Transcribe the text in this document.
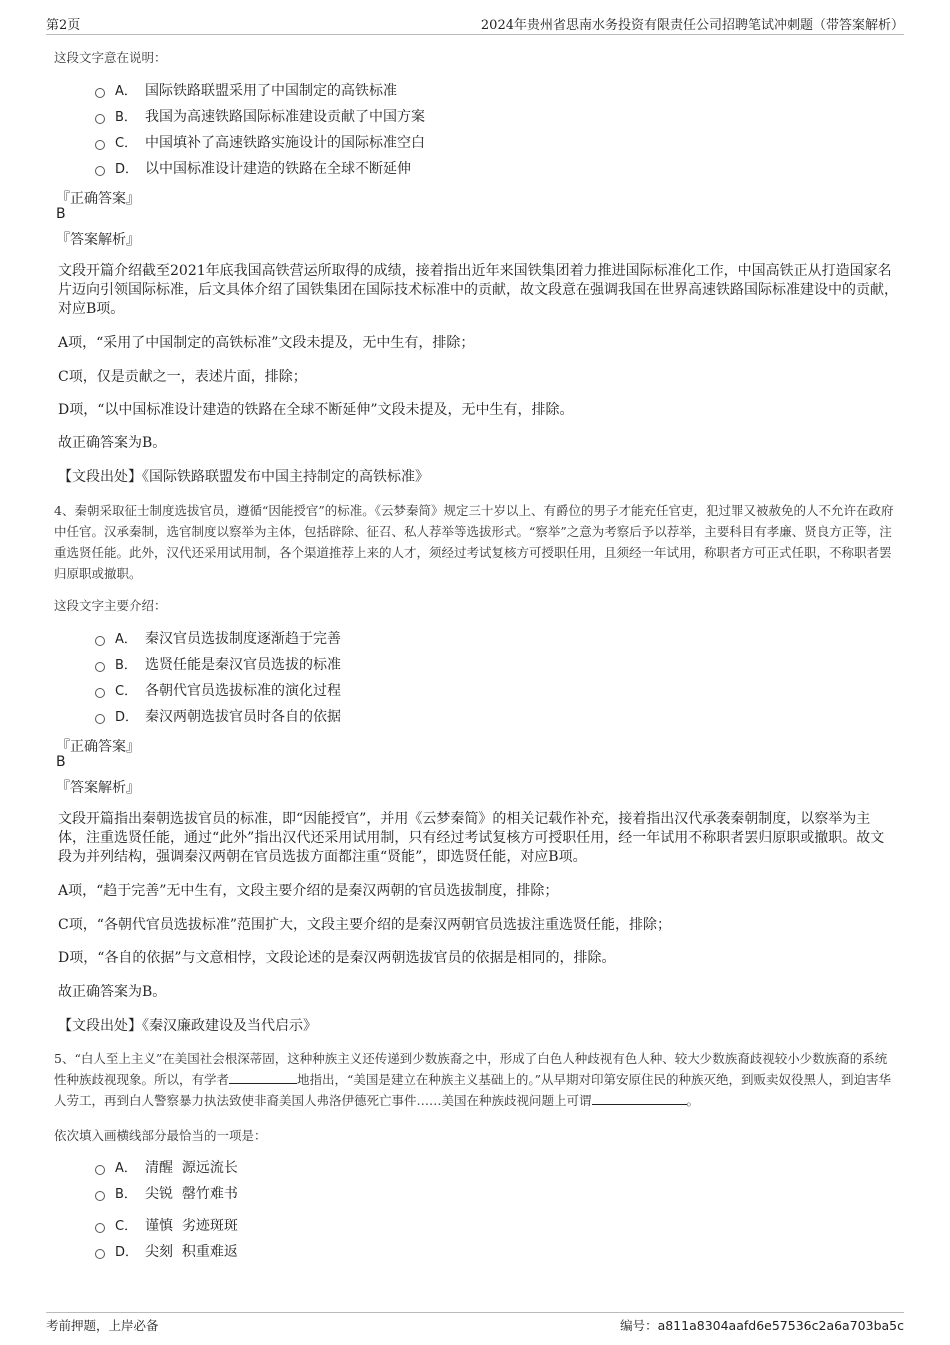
第2页	2024年贵州省思南水务投资有限责任公司招聘笔试冲刺题（带答案解析）
这段文字意在说明：
A． 国际铁路联盟采用了中国制定的高铁标准
B． 我国为高速铁路国际标准建设贡献了中国方案
C． 中国填补了高速铁路实施设计的国际标准空白
D． 以中国标准设计建造的铁路在全球不断延伸
『正确答案』
B
『答案解析』
文段开篇介绍截至2021年底我国高铁营运所取得的成绩，接着指出近年来国铁集团着力推进国际标准化工作，中国高铁正从打造国家名片迈向引领国际标准，后文具体介绍了国铁集团在国际技术标准中的贡献，故文段意在强调我国在世界高速铁路国际标准建设中的贡献，对应B项。
A项，“采用了中国制定的高铁标准”文段未提及，无中生有，排除；
C项，仅是贡献之一，表述片面，排除；
D项，“以中国标准设计建造的铁路在全球不断延伸”文段未提及，无中生有，排除。
故正确答案为B。
【文段出处】《国际铁路联盟发布中国主持制定的高铁标准》
4、秦朝采取征士制度选拔官员，遵循“因能授官”的标准。《云梦秦简》规定三十岁以上、有爵位的男子才能充任官吏，犯过罪又被赦免的人不允许在政府中任官。汉承秦制，选官制度以察举为主体，包括辟除、征召、私人荐举等选拔形式。“察举”之意为考察后予以荐举，主要科目有孝廉、贤良方正等，注重选贤任能。此外，汉代还采用试用制，各个渠道推荐上来的人才，须经过考试复核方可授职任用，且须经一年试用，称职者方可正式任职，不称职者罢归原职或撤职。
这段文字主要介绍：
A． 秦汉官员选拔制度逐渐趋于完善
B． 选贤任能是秦汉官员选拔的标准
C． 各朝代官员选拔标准的演化过程
D． 秦汉两朝选拔官员时各自的依据
『正确答案』
B
『答案解析』
文段开篇指出秦朝选拔官员的标准，即“因能授官”，并用《云梦秦简》的相关记载作补充，接着指出汉代承袭秦朝制度，以察举为主体，注重选贤任能，通过“此外”指出汉代还采用试用制，只有经过考试复核方可授职任用，经一年试用不称职者罢归原职或撤职。故文段为并列结构，强调秦汉两朝在官员选拔方面都注重“贤能”，即选贤任能，对应B项。
A项，“趋于完善”无中生有，文段主要介绍的是秦汉两朝的官员选拔制度，排除；
C项，“各朝代官员选拔标准”范围扩大，文段主要介绍的是秦汉两朝官员选拔注重选贤任能，排除；
D项，“各自的依据”与文意相悖，文段论述的是秦汉两朝选拔官员的依据是相同的，排除。
故正确答案为B。
【文段出处】《秦汉廉政建设及当代启示》
5、“白人至上主义”在美国社会根深蒂固，这种种族主义还传递到少数族裔之中，形成了白色人种歧视有色人种、较大少数族裔歧视较小少数族裔的系统性种族歧视现象。所以，有学者	地指出，“美国是建立在种族主义基础上的。”从早期对印第安原住民的种族灭绝，到贩卖奴役黑人，到迫害华人劳工，再到白人警察暴力执法致使非裔美国人弗洛伊德死亡事件……美国在种族歧视问题上可谓	。
依次填入画横线部分最恰当的一项是：
A． 清醒  源远流长
B． 尖锐  罄竹难书
C． 谨慎  劣迹斑斑
D． 尖刻  积重难返
考前押题，上岸必备	编号：a811a8304aafd6e57536c2a6a703ba5c
